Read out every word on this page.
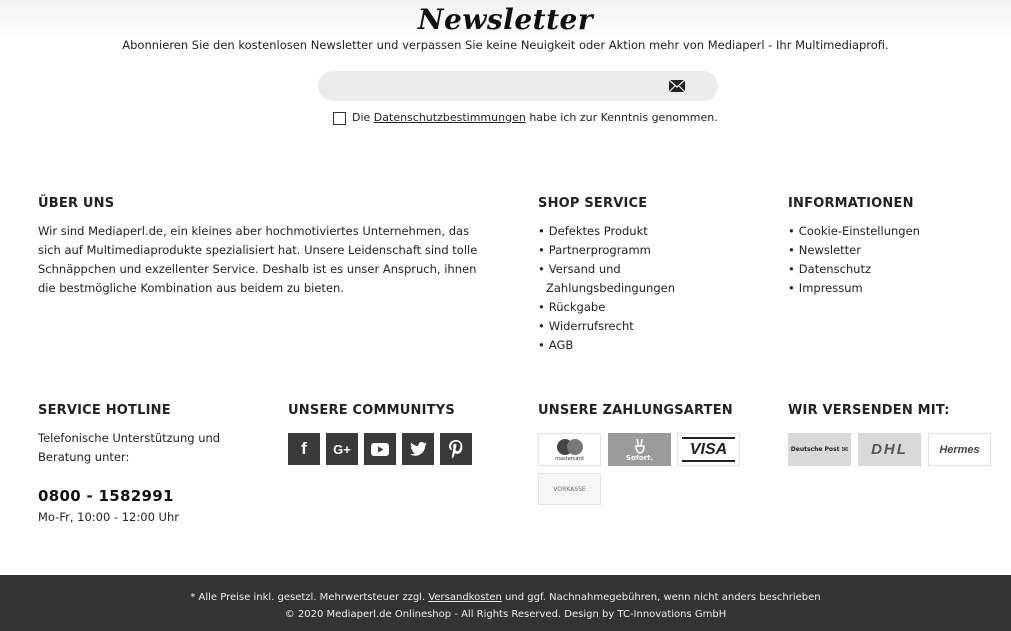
Newsletter

Abonnieren Sie den kostenlosen Newsletter und verpassen Sie keine Neuigkeit oder Aktion mehr von Mediaperl - Ihr Multimediaprofi.

Die
Datenschutzbestimmungen
habe ich zur Kenntnis genommen.
ÜBER UNS

Wir sind Mediaperl.de, ein kleines aber hochmotiviertes Unternehmen, das sich auf Multimediaprodukte spezialisiert hat. Unsere Leidenschaft sind tolle Schnäppchen und exzellenter Service. Deshalb ist es unser Anspruch, ihnen die bestmögliche Kombination aus beidem zu bieten.

SHOP SERVICE
• Defektes Produkt
• Partnerprogramm
• Versand und Zahlungsbedingungen
• Rückgabe
• Widerrufsrecht
• AGB
INFORMATIONEN
• Cookie-Einstellungen
• Newsletter
• Datenschutz
• Impressum
SERVICE HOTLINE

Telefonische Unterstützung und Beratung unter:

0800 - 1582991
Mo-Fr, 10:00 - 12:00 Uhr
UNSERE COMMUNITYS
f G+
UNSERE ZAHLUNGSARTEN
mastercard	Sofort. VISA
VORKASSE
WIR VERSENDEN MIT:
Deutsche Post ✉ DHL	Hermes
* Alle Preise inkl. gesetzl. Mehrwertsteuer zzgl. Versandkosten und ggf. Nachnahmegebühren, wenn nicht anders beschrieben
© 2020 Mediaperl.de Onlineshop - All Rights Reserved. Design by TC-Innovations GmbH
